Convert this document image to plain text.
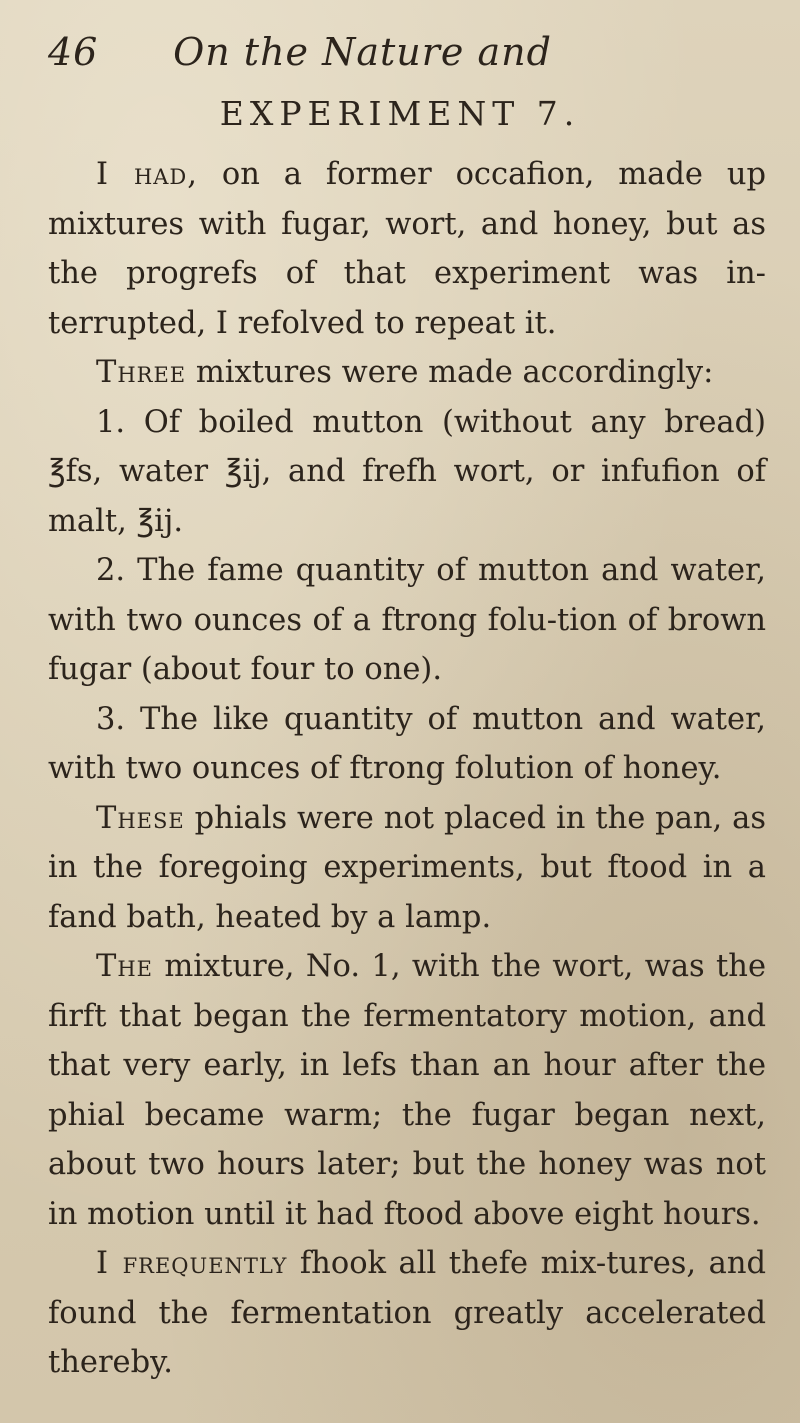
46 On the Nature and
EXPERIMENT 7.

I had, on a former occafion, made up mixtures with fugar, wort, and honey, but as the progrefs of that experiment was in-terrupted, I refolved to repeat it.

Three mixtures were made accordingly:

1. Of boiled mutton (without any bread) ℥fs, water ℥ij, and frefh wort, or infufion of malt, ℥ij.

2. The fame quantity of mutton and water, with two ounces of a ftrong folu-tion of brown fugar (about four to one).

3. The like quantity of mutton and water, with two ounces of ftrong folution of honey.

These phials were not placed in the pan, as in the foregoing experiments, but ftood in a fand bath, heated by a lamp.

The mixture, No. 1, with the wort, was the firft that began the fermentatory motion, and that very early, in lefs than an hour after the phial became warm; the fugar began next, about two hours later; but the honey was not in motion until it had ftood above eight hours.

I frequently fhook all thefe mix-tures, and found the fermentation greatly accelerated thereby.
